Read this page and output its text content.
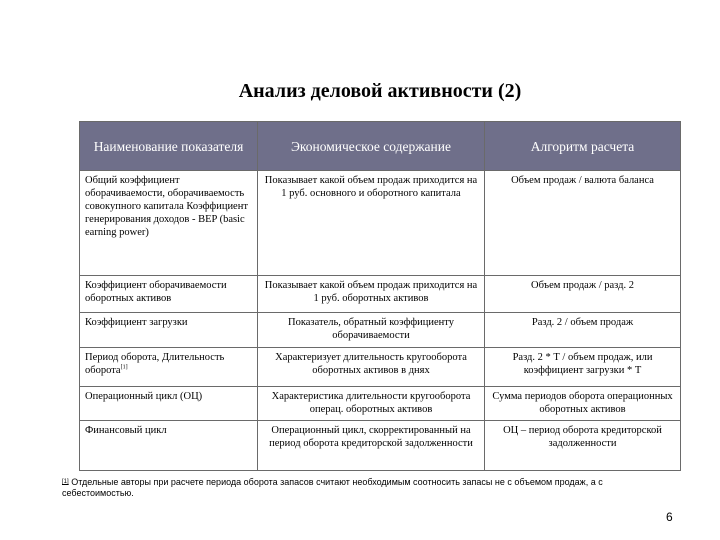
Анализ деловой активности (2)
Наименование показателя	Экономическое содержание	Алгоритм расчета
Общий коэффициент оборачиваемости, оборачиваемость совокупного капитала Коэффициент генерирования доходов - BEP (basic earning power)	Показывает какой объем продаж приходится на 1 руб. основного и оборотного капитала	Объем продаж / валюта баланса
Коэффициент оборачиваемости оборотных активов	Показывает какой объем продаж приходится на 1 руб. оборотных активов	Объем продаж / разд. 2
Коэффициент загрузки	Показатель, обратный коэффициенту оборачиваемости	Разд. 2 / объем продаж
Период оборота, Длительность оборота[1]	Характеризует длительность кругооборота оборотных активов в днях	Разд. 2 * Т / объем продаж, или коэффициент загрузки * Т
Операционный цикл (ОЦ)	Характеристика длительности кругооборота операц. оборотных активов	Сумма периодов оборота операционных оборотных активов
Финансовый цикл	Операционный цикл, скорректированный на период оборота кредиторской задолженности	ОЦ – период оборота кредиторской задолженности
[1] Отдельные авторы при расчете периода оборота запасов считают необходимым соотносить запасы не с объемом продаж, а с себестоимостью.
6
